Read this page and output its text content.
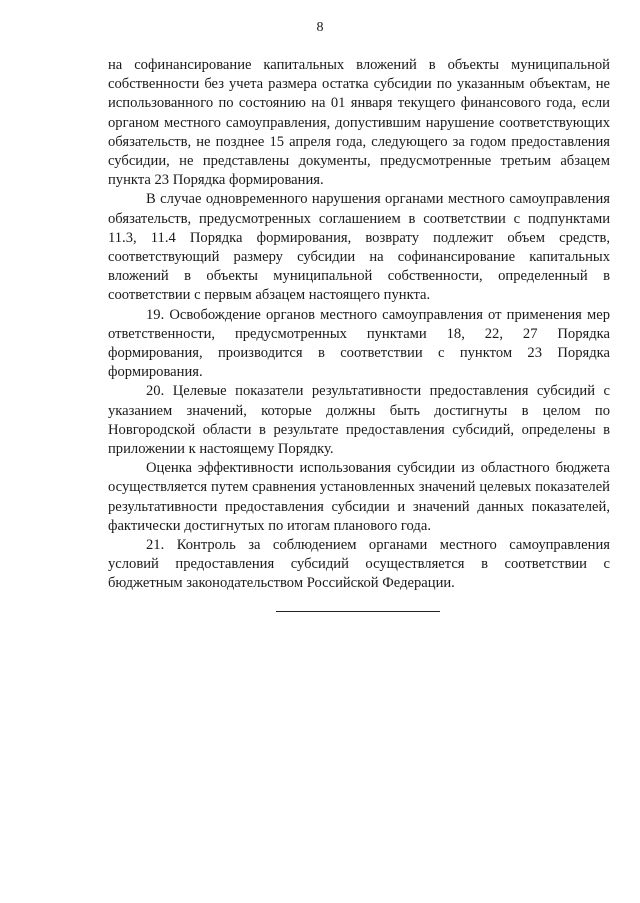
8

на софинансирование капитальных вложений в объекты муниципальной собственности без учета размера остатка субсидии по указанным объектам, не использованного по состоянию на 01 января текущего финансового года, если органом местного самоуправления, допустившим нарушение соответствующих обязательств, не позднее 15 апреля года, следующего за годом предоставления субсидии, не представлены документы, предусмотренные третьим абзацем пункта 23 Порядка формирования.

В случае одновременного нарушения органами местного самоуправления обязательств, предусмотренных соглашением в соответствии с подпунктами 11.3, 11.4 Порядка формирования, возврату подлежит объем средств, соответствующий размеру субсидии на софинансирование капитальных вложений в объекты муниципальной собственности, определенный в соответствии с первым абзацем настоящего пункта.

19. Освобождение органов местного самоуправления от применения мер ответственности, предусмотренных пунктами 18, 22, 27 Порядка формирования, производится в соответствии с пунктом 23 Порядка формирования.

20. Целевые показатели результативности предоставления субсидий с указанием значений, которые должны быть достигнуты в целом по Новгородской области в результате предоставления субсидий, определены в приложении к настоящему Порядку.

Оценка эффективности использования субсидии из областного бюджета осуществляется путем сравнения установленных значений целевых показателей результативности предоставления субсидии и значений данных показателей, фактически достигнутых по итогам планового года.

21. Контроль за соблюдением органами местного самоуправления условий предоставления субсидий осуществляется в соответствии с бюджетным законодательством Российской Федерации.
